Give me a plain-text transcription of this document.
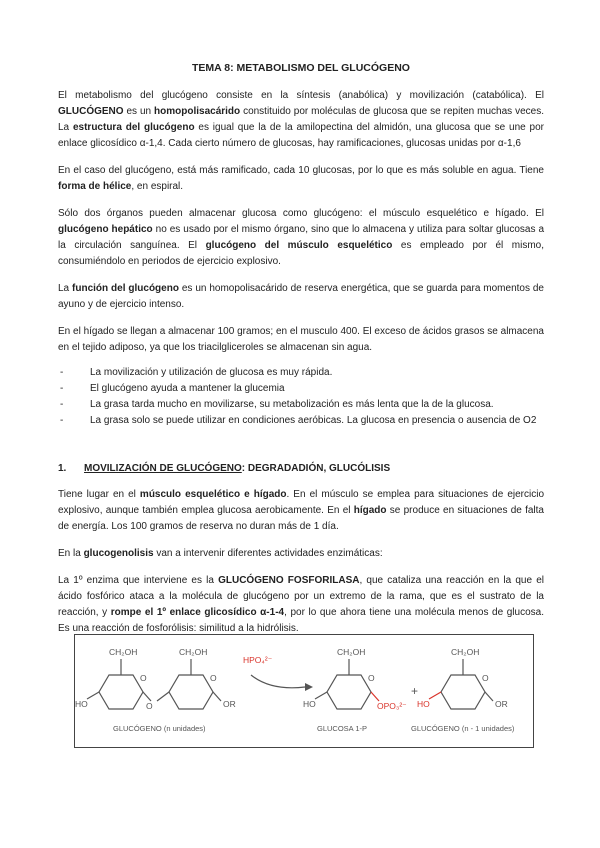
TEMA 8: METABOLISMO DEL GLUCÓGENO

El metabolismo del glucógeno consiste en la síntesis (anabólica) y movilización (catabólica). El GLUCÓGENO es un homopolisacárido constituido por moléculas de glucosa que se repiten muchas veces. La estructura del glucógeno es igual que la de la amilopectina del almidón, una glucosa que se une por enlace glicosídico α-1,4. Cada cierto número de glucosas, hay ramificaciones, glucosas unidas por α-1,6

En el caso del glucógeno, está más ramificado, cada 10 glucosas, por lo que es más soluble en agua. Tiene forma de hélice, en espiral.

Sólo dos órganos pueden almacenar glucosa como glucógeno: el músculo esquelético e hígado. El glucógeno hepático no es usado por el mismo órgano, sino que lo almacena y utiliza para soltar glucosas a la circulación sanguínea. El glucógeno del músculo esquelético es empleado por él mismo, consumiéndolo en periodos de ejercicio explosivo.

La función del glucógeno es un homopolisacárido de reserva energética, que se guarda para momentos de ayuno y de ejercicio intenso.

En el hígado se llegan a almacenar 100 gramos; en el musculo 400. El exceso de ácidos grasos se almacena en el tejido adiposo, ya que los triacilgliceroles se almacenan sin agua.

- La movilización y utilización de glucosa es muy rápida.
- El glucógeno ayuda a mantener la glucemia
- La grasa tarda mucho en movilizarse, su metabolización es más lenta que la de la glucosa.
- La grasa solo se puede utilizar en condiciones aeróbicas. La glucosa en presencia o ausencia de O2
1. MOVILIZACIÓN DE GLUCÓGENO: DEGRADADIÓN, GLUCÓLISIS

Tiene lugar en el músculo esquelético e hígado. En el músculo se emplea para situaciones de ejercicio explosivo, aunque también emplea glucosa aerobicamente. En el hígado se produce en situaciones de falta de energía. Los 100 gramos de reserva no duran más de 1 día.

En la glucogenolisis van a intervenir diferentes actividades enzimáticas:

La 1º enzima que interviene es la GLUCÓGENO FOSFORILASA, que cataliza una reacción en la que el ácido fosfórico ataca a la molécula de glucógeno por un extremo de la rama, que es el sustrato de la reacción, y rompe el 1º enlace glicosídico α-1-4, por lo que ahora tiene una molécula menos de glucosa. Es una reacción de fosforólisis: similitud a la hidrólisis.

CH₂OH
O
HO	O
CH₂OH
O
OR
GLUCÓGENO (n unidades)
HPO₄²⁻
CH₂OH
O
HO	OPO₃²⁻
GLUCOSA 1-P
+
CH₂OH
O
HO	OR
GLUCÓGENO (n - 1 unidades)
